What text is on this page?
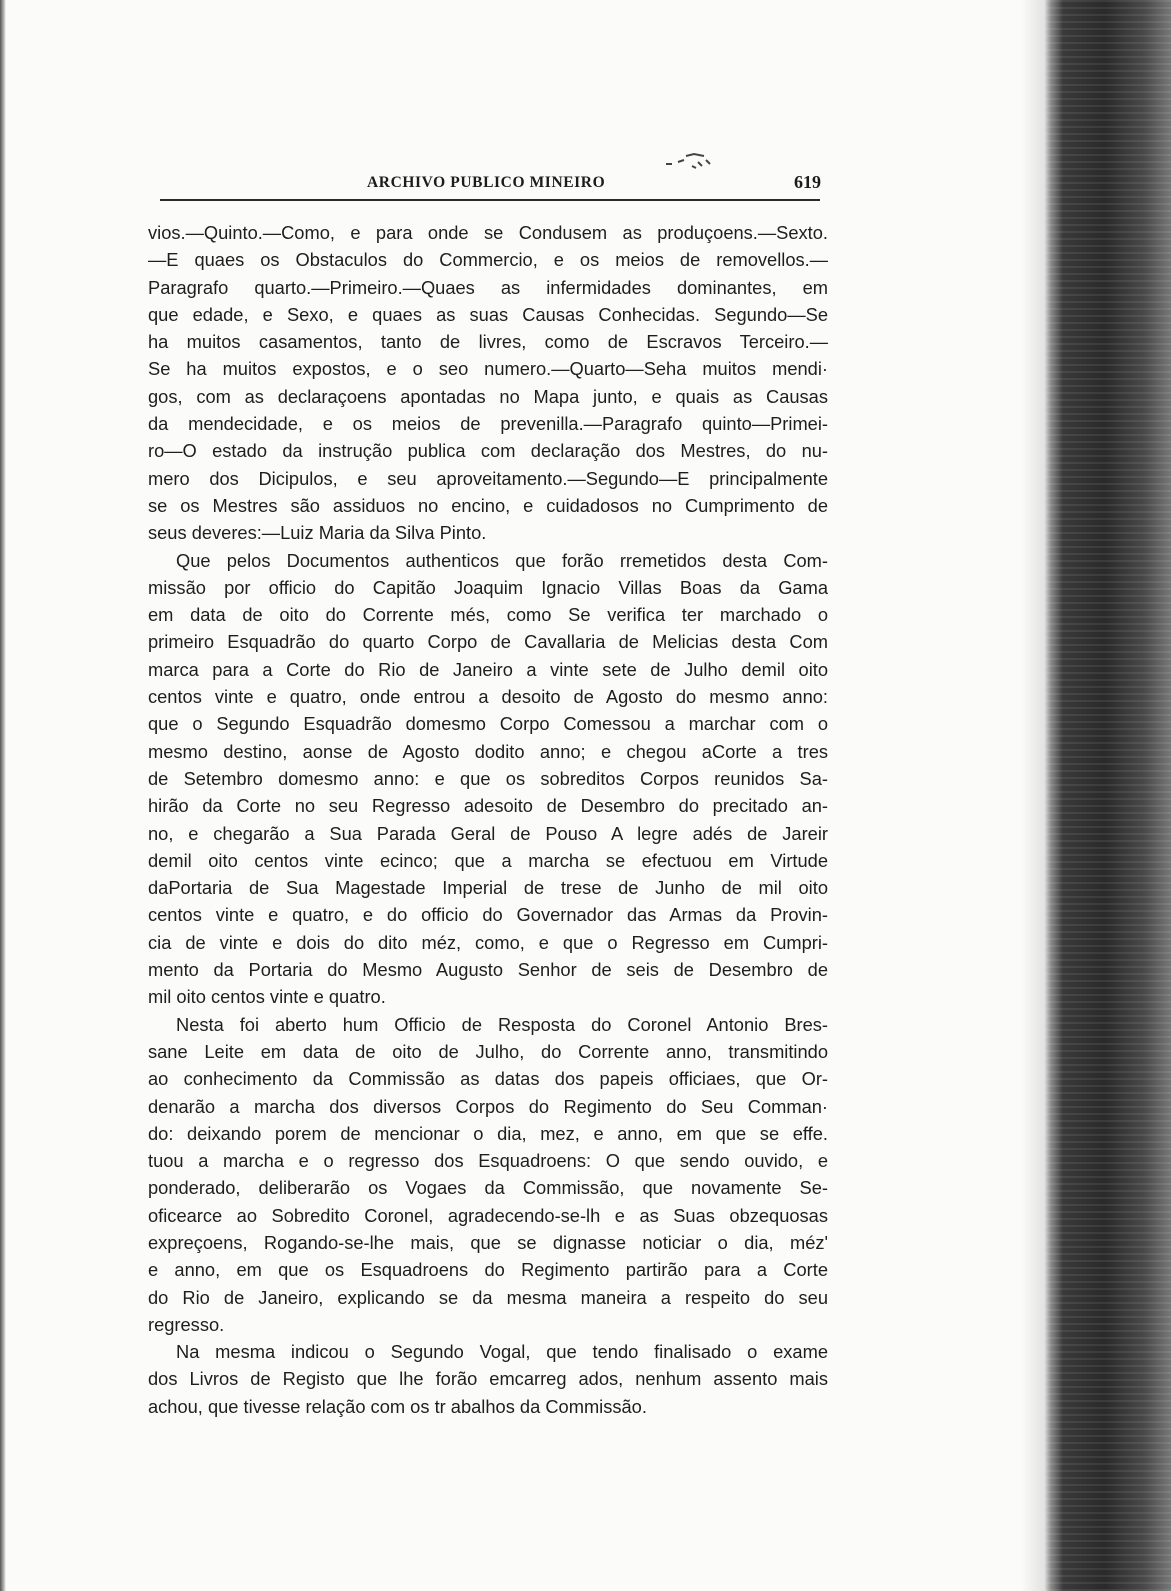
ARCHIVO PUBLICO MINEIRO	619
vios.—Quinto.—Como, e para onde se Condusem as produçoens.—Sexto.
—E quaes os Obstaculos do Commercio, e os meios de removellos.—
Paragrafo quarto.—Primeiro.—Quaes as infermidades dominantes, em
que edade, e Sexo, e quaes as suas Causas Conhecidas. Segundo—Se
ha muitos casamentos, tanto de livres, como de Escravos Terceiro.—
Se ha muitos expostos, e o seo numero.—Quarto—Seha muitos mendi·
gos, com as declaraçoens apontadas no Mapa junto, e quais as Causas
da mendecidade, e os meios de prevenilla.—Paragrafo quinto—Primei-
ro—O estado da instrução publica com declaração dos Mestres, do nu-
mero dos Dicipulos, e seu aproveitamento.—Segundo—E principalmente
se os Mestres são assiduos no encino, e cuidadosos no Cumprimento de
seus deveres:—Luiz Maria da Silva Pinto.
Que pelos Documentos authenticos que forão rremetidos desta Com-
missão por officio do Capitão Joaquim Ignacio Villas Boas da Gama
em data de oito do Corrente més, como Se verifica ter marchado o
primeiro Esquadrão do quarto Corpo de Cavallaria de Melicias desta Com
marca para a Corte do Rio de Janeiro a vinte sete de Julho demil oito
centos vinte e quatro, onde entrou a desoito de Agosto do mesmo anno:
que o Segundo Esquadrão domesmo Corpo Comessou a marchar com o
mesmo destino, aonse de Agosto dodito anno; e chegou aCorte a tres
de Setembro domesmo anno: e que os sobreditos Corpos reunidos Sa-
hirão da Corte no seu Regresso adesoito de Desembro do precitado an-
no, e chegarão a Sua Parada Geral de Pouso A legre adés de Jareir
demil oito centos vinte ecinco; que a marcha se efectuou em Virtude
daPortaria de Sua Magestade Imperial de trese de Junho de mil oito
centos vinte e quatro, e do officio do Governador das Armas da Provin-
cia de vinte e dois do dito méz, como, e que o Regresso em Cumpri-
mento da Portaria do Mesmo Augusto Senhor de seis de Desembro de
mil oito centos vinte e quatro.
Nesta foi aberto hum Officio de Resposta do Coronel Antonio Bres-
sane Leite em data de oito de Julho, do Corrente anno, transmitindo
ao conhecimento da Commissão as datas dos papeis officiaes, que Or-
denarão a marcha dos diversos Corpos do Regimento do Seu Comman·
do: deixando porem de mencionar o dia, mez, e anno, em que se effe.
tuou a marcha e o regresso dos Esquadroens: O que sendo ouvido, e
ponderado, deliberarão os Vogaes da Commissão, que novamente Se-
oficearce ao Sobredito Coronel, agradecendo-se-lh e as Suas obzequosas
expreçoens, Rogando-se-lhe mais, que se dignasse noticiar o dia, méz'
e anno, em que os Esquadroens do Regimento partirão para a Corte
do Rio de Janeiro, explicando se da mesma maneira a respeito do seu
regresso.
Na mesma indicou o Segundo Vogal, que tendo finalisado o exame
dos Livros de Registo que lhe forão emcarreg ados, nenhum assento mais
achou, que tivesse relação com os tr abalhos da Commissão.
